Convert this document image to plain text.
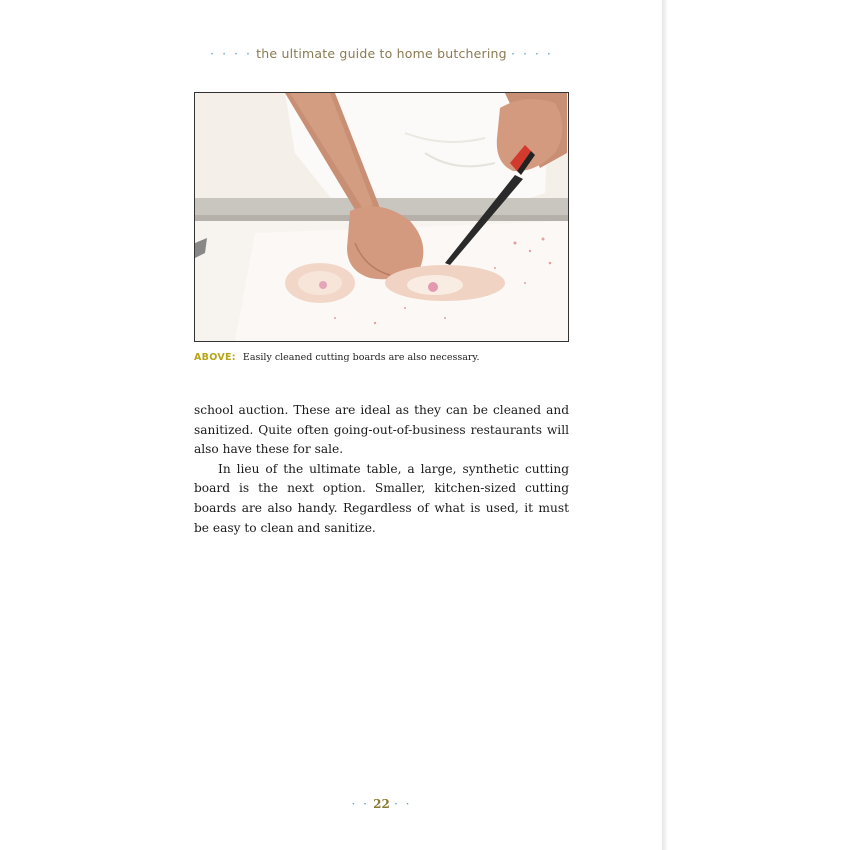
· · · · the ultimate guide to home butchering · · · ·
ABOVE: Easily cleaned cutting boards are also necessary.

school auction. These are ideal as they can be cleaned and sanitized. Quite often going-out-of-business restaurants will also have these for sale.

In lieu of the ultimate table, a large, synthetic cutting board is the next option. Smaller, kitchen-sized cutting boards are also handy. Regardless of what is used, it must be easy to clean and sanitize.

· · 22 · ·
